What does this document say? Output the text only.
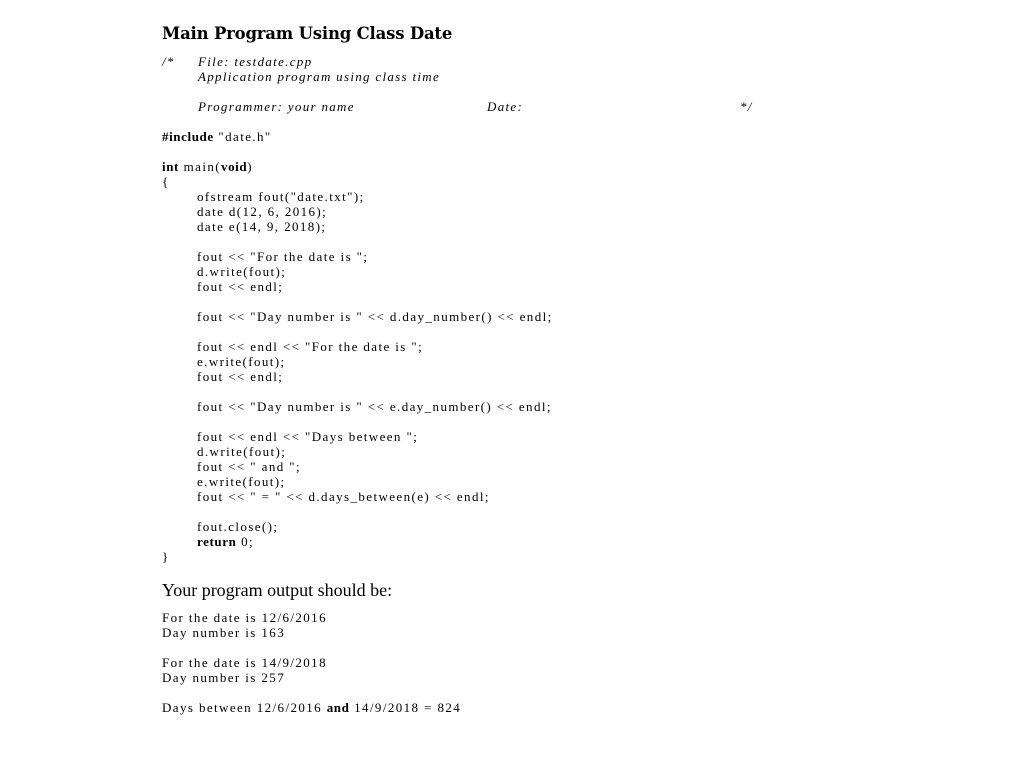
Main Program Using Class Date
/* File: testdate.cpp
Application program using class time
Programmer: your name	Date:	*/
#include "date.h"
int main(void)
{
ofstream fout("date.txt");
date d(12, 6, 2016);
date e(14, 9, 2018);
fout << "For the date is ";
d.write(fout);
fout << endl;
fout << "Day number is " << d.day_number() << endl;
fout << endl << "For the date is ";
e.write(fout);
fout << endl;
fout << "Day number is " << e.day_number() << endl;
fout << endl << "Days between ";
d.write(fout);
fout << " and ";
e.write(fout);
fout << " = " << d.days_between(e) << endl;
fout.close();
return 0;
}
Your program output should be:
For the date is 12/6/2016
Day number is 163
For the date is 14/9/2018
Day number is 257
Days between 12/6/2016 and 14/9/2018 = 824
